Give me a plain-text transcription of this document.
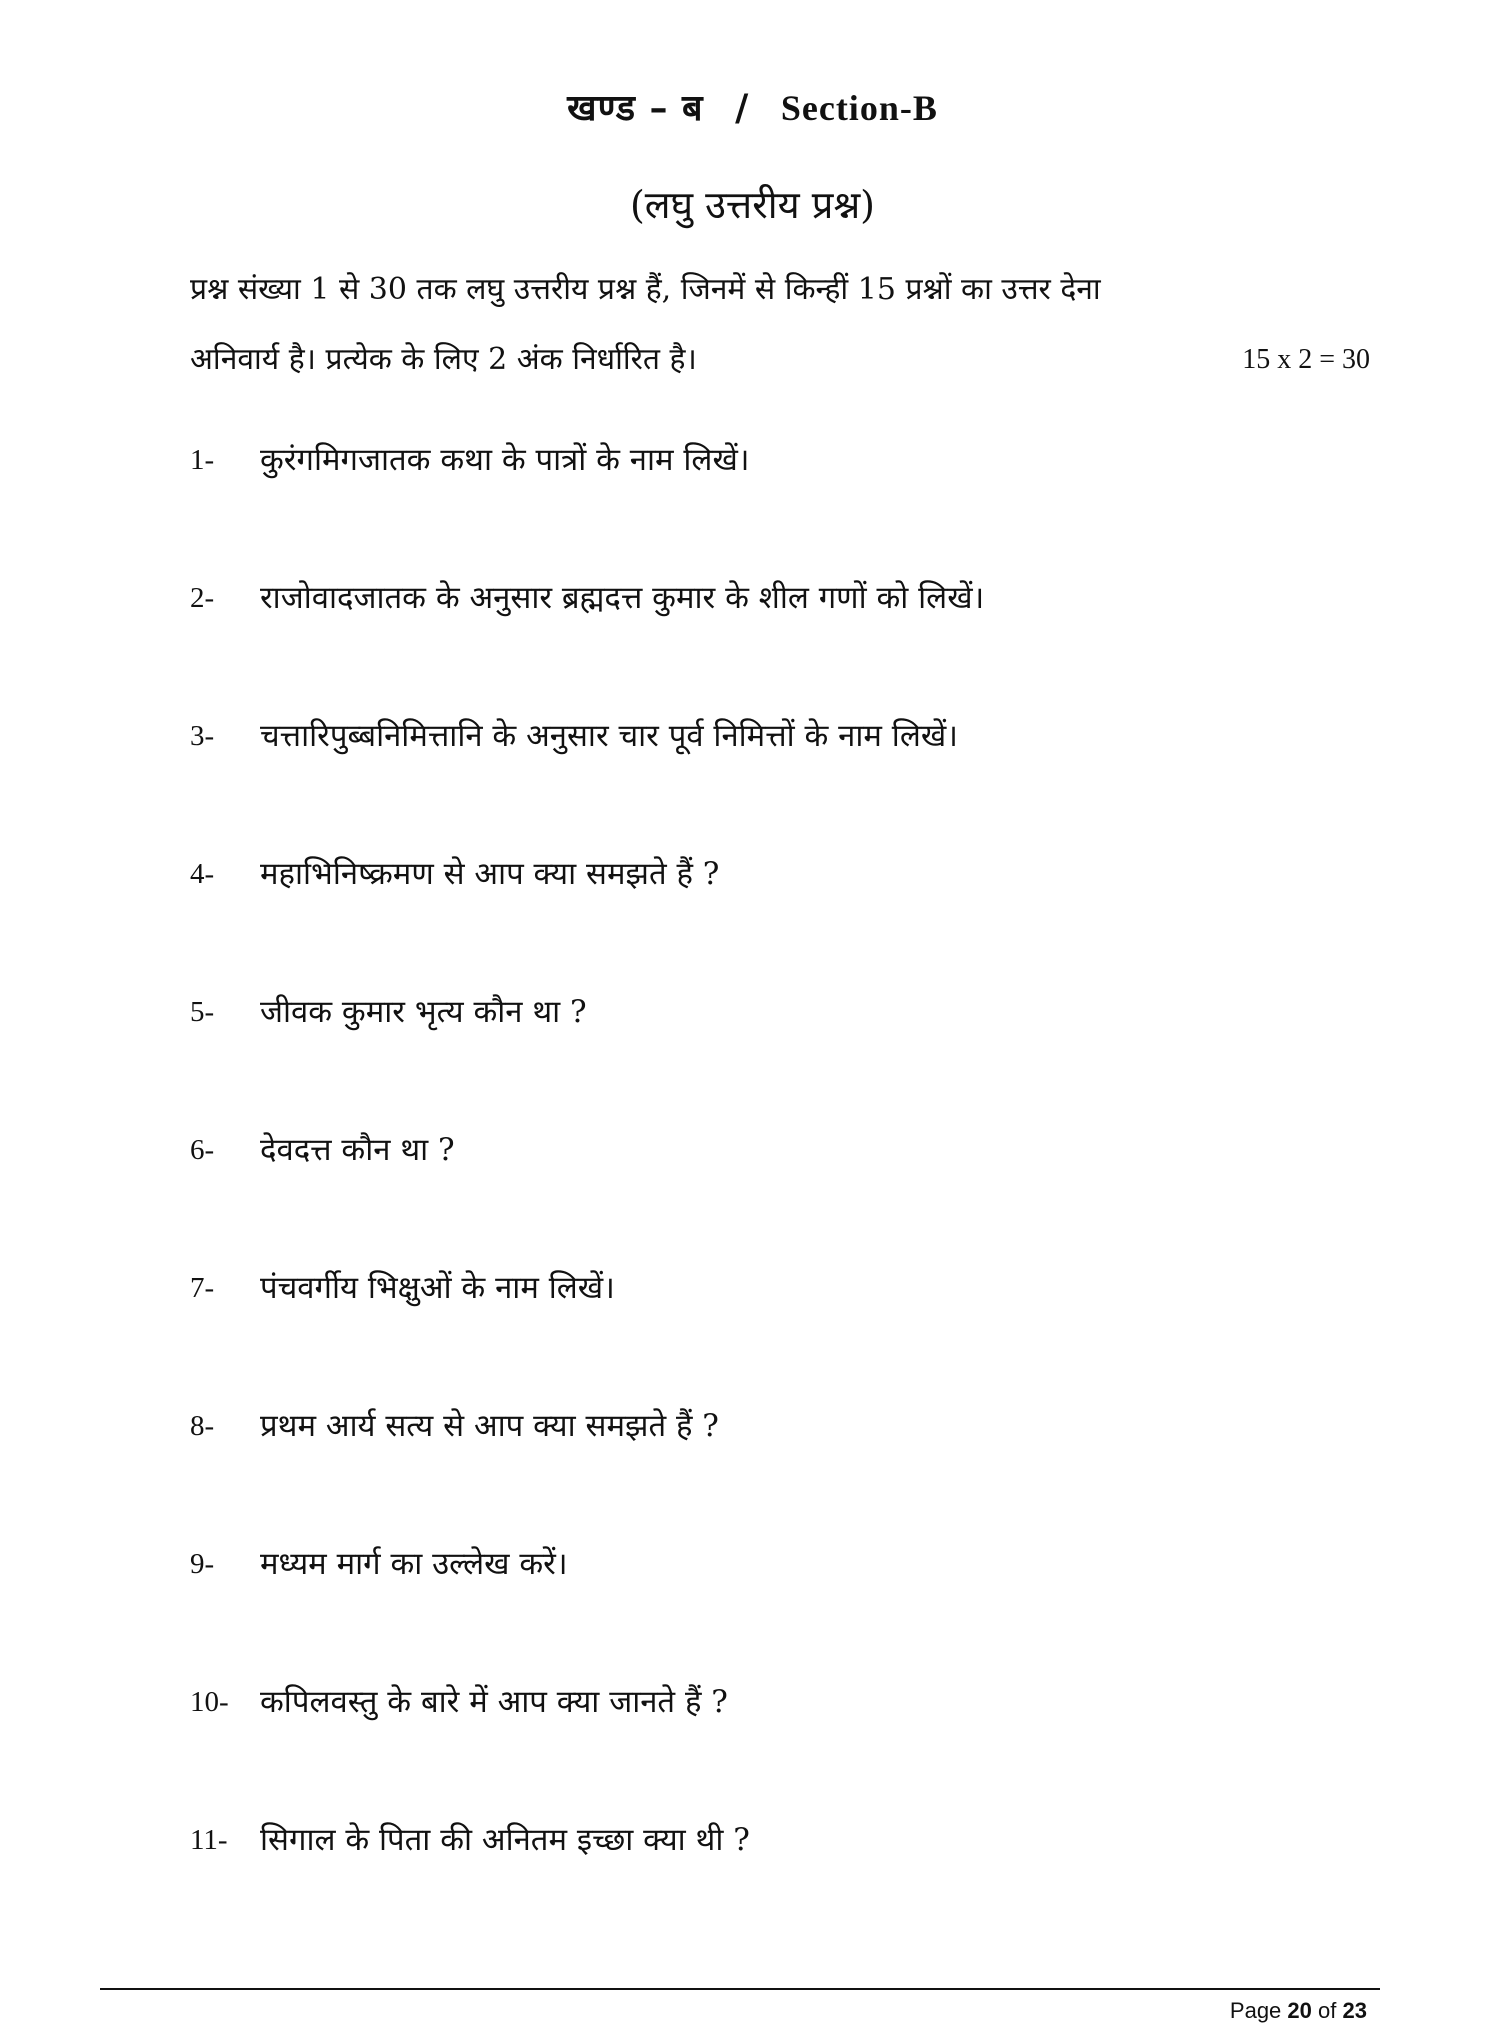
खण्ड – ब / Section-B
(लघु उत्तरीय प्रश्न)
प्रश्न संख्या 1 से 30 तक लघु उत्तरीय प्रश्न हैं, जिनमें से किन्हीं 15 प्रश्नों का उत्तर देना
अनिवार्य है। प्रत्येक के लिए 2 अंक निर्धारित है।	15 x 2 = 30
1-	कुरंगमिगजातक कथा के पात्रों के नाम लिखें।
2-	राजोवादजातक के अनुसार ब्रह्मदत्त कुमार के शील गणों को लिखें।
3-	चत्तारिपुब्बनिमित्तानि के अनुसार चार पूर्व निमित्तों के नाम लिखें।
4-	महाभिनिष्क्रमण से आप क्या समझते हैं ?
5-	जीवक कुमार भृत्य कौन था ?
6-	देवदत्त कौन था ?
7-	पंचवर्गीय भिक्षुओं के नाम लिखें।
8-	प्रथम आर्य सत्य से आप क्या समझते हैं ?
9-	मध्यम मार्ग का उल्लेख करें।
10-	कपिलवस्तु के बारे में आप क्या जानते हैं ?
11-	सिगाल के पिता की अनितम इच्छा क्या थी ?
Page 20 of 23
